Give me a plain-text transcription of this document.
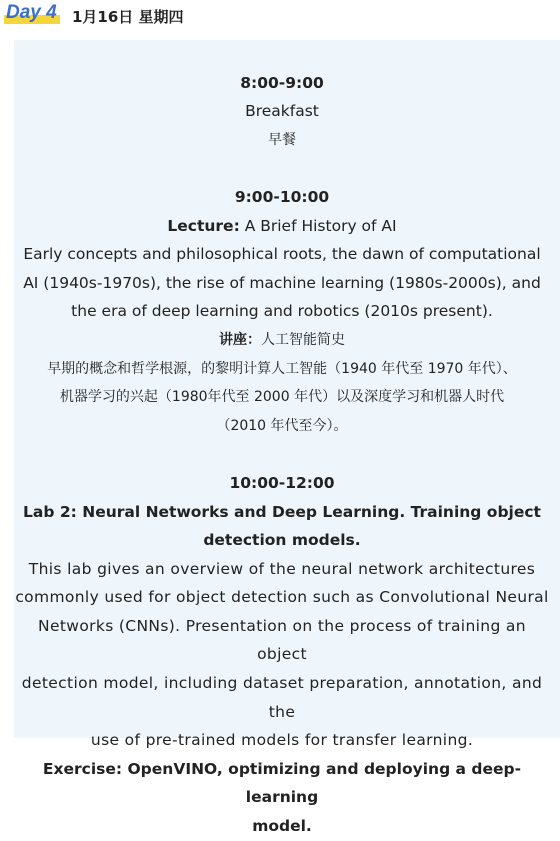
Day 4 1月16日 星期四

8:00-9:00

Breakfast

早餐

9:00-10:00

Lecture: A Brief History of AI

Early concepts and philosophical roots, the dawn of computational

AI (1940s-1970s), the rise of machine learning (1980s-2000s), and

the era of deep learning and robotics (2010s present).

讲座：人工智能简史

早期的概念和哲学根源，的黎明计算人工智能（1940 年代至 1970 年代）、

机器学习的兴起（1980年代至 2000 年代）以及深度学习和机器人时代

（2010 年代至今）。

10:00-12:00

Lab 2: Neural Networks and Deep Learning. Training object

detection models.

This lab gives an overview of the neural network architectures

commonly used for object detection such as Convolutional Neural

Networks (CNNs). Presentation on the process of training an object

detection model, including dataset preparation, annotation, and the

use of pre-trained models for transfer learning.

Exercise: OpenVINO, optimizing and deploying a deep-learning

model.
